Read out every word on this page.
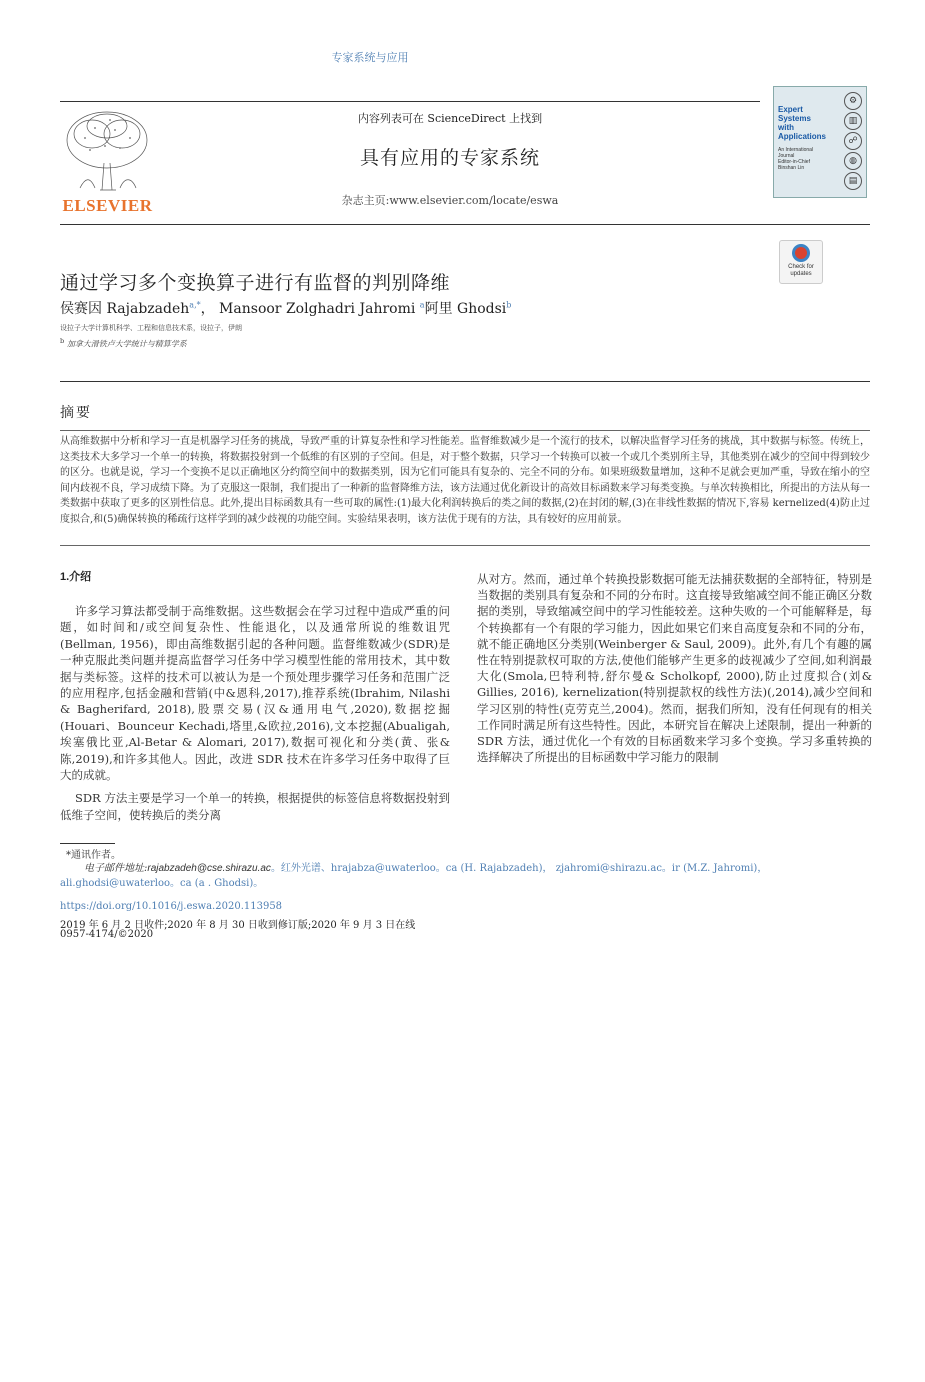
专家系统与应用
ELSEVIER
内容列表可在 ScienceDirect 上找到
具有应用的专家系统
杂志主页:www.elsevier.com/locate/eswa
Expert Systems with Applications
An International Journal
Editor-in-Chief Binshan Lin
⚙
▥
☍
◍
▤
Check for updates
通过学习多个变换算子进行有监督的判别降维
侯赛因 Rajabzadeh$^{a,*}$， Mansoor Zolghadri Jahromi $^a$阿里 Ghodsi$^b$
设拉子大学计算机科学、工程和信息技术系，设拉子，伊朗
$^b$ 加拿大滑铁卢大学统计与精算学系
摘要
从高维数据中分析和学习一直是机器学习任务的挑战，导致严重的计算复杂性和学习性能差。监督维数减少是一个流行的技术，以解决监督学习任务的挑战，其中数据与标签。传统上，这类技术大多学习一个单一的转换，将数据投射到一个低维的有区别的子空间。但是，对于整个数据，只学习一个转换可以被一个或几个类别所主导，其他类别在减少的空间中得到较少的区分。也就是说，学习一个变换不足以正确地区分约简空间中的数据类别，因为它们可能具有复杂的、完全不同的分布。如果班级数量增加，这种不足就会更加严重，导致在缩小的空间内歧视不良，学习成绩下降。为了克服这一限制，我们提出了一种新的监督降维方法，该方法通过优化新设计的高效目标函数来学习每类变换。与单次转换相比，所提出的方法从每一类数据中获取了更多的区别性信息。此外,提出目标函数具有一些可取的属性:(1)最大化利润转换后的类之间的数据,(2)在封闭的解,(3)在非线性数据的情况下,容易 kernelized(4)防止过度拟合,和(5)确保转换的稀疏行这样学到的减少歧视的功能空间。实验结果表明，该方法优于现有的方法，具有较好的应用前景。
1.介绍

许多学习算法都受制于高维数据。这些数据会在学习过程中造成严重的问题，如时间和/或空间复杂性、性能退化，以及通常所说的维数诅咒(Bellman, 1956)，即由高维数据引起的各种问题。监督维数减少(SDR)是一种克服此类问题并提高监督学习任务中学习模型性能的常用技术，其中数据与类标签。这样的技术可以被认为是一个预处理步骤学习任务和范围广泛的应用程序,包括金融和营销(中&恩科,2017),推荐系统(Ibrahim, Nilashi & Bagherifard, 2018),股票交易(汉&通用电气,2020),数据挖掘(Houari、Bounceur Kechadi,塔里,&欧拉,2016),文本挖掘(Abualigah,埃塞俄比亚,Al-Betar & Alomari, 2017),数据可视化和分类(黄、张&陈,2019),和许多其他人。因此，改进 SDR 技术在许多学习任务中取得了巨大的成就。

SDR 方法主要是学习一个单一的转换，根据提供的标签信息将数据投射到低维子空间，使转换后的类分离

从对方。然而，通过单个转换投影数据可能无法捕获数据的全部特征，特别是当数据的类别具有复杂和不同的分布时。这直接导致缩减空间不能正确区分数据的类别，导致缩减空间中的学习性能较差。这种失败的一个可能解释是，每个转换都有一个有限的学习能力，因此如果它们来自高度复杂和不同的分布，就不能正确地区分类别(Weinberger & Saul, 2009)。此外,有几个有趣的属性在特别提款权可取的方法,使他们能够产生更多的歧视减少了空间,如利润最大化(Smola,巴特利特,舒尔曼& Scholkopf, 2000),防止过度拟合(刘& Gillies, 2016), kernelization(特别提款权的线性方法)(,2014),减少空间和学习区别的特性(克劳克兰,2004)。然而，据我们所知，没有任何现有的相关工作同时满足所有这些特性。因此，本研究旨在解决上述限制，提出一种新的 SDR 方法，通过优化一个有效的目标函数来学习多个变换。学习多重转换的选择解决了所提出的目标函数中学习能力的限制

*通讯作者。
电子邮件地址:rajabzadeh@cse.shirazu.ac。红外光谱、hrajabza@uwaterloo。ca (H. Rajabzadeh)， zjahromi@shirazu.ac。ir (M.Z. Jahromi)，ali.ghodsi@uwaterloo。ca (a . Ghodsi)。
https://doi.org/10.1016/j.eswa.2020.113958
2019 年 6 月 2 日收件;2020 年 8 月 30 日收到修订版;2020 年 9 月 3 日在线
0957-4174/©2020
